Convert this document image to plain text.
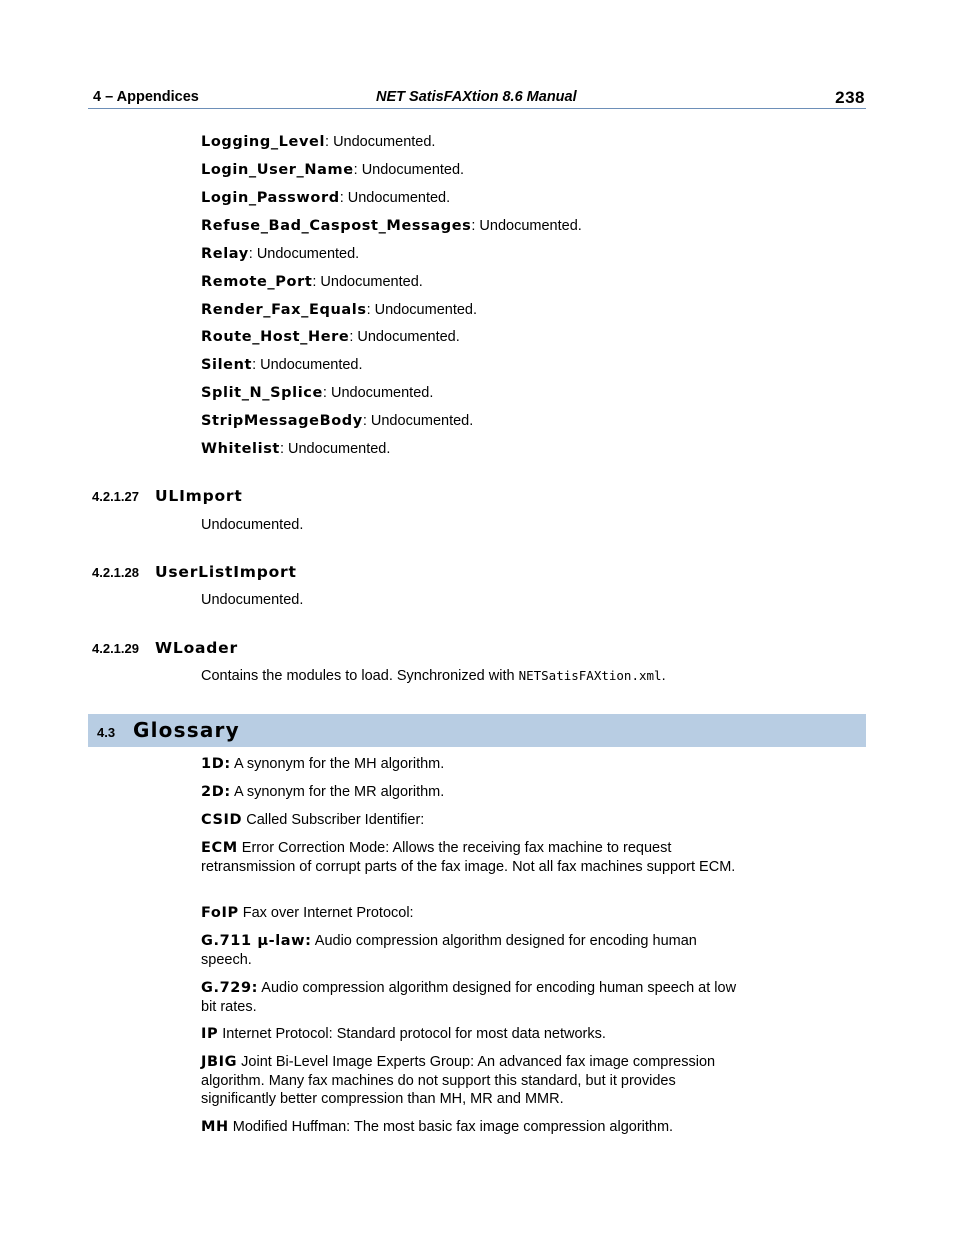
4 – Appendices	NET SatisFAXtion 8.6 Manual	238
Logging_Level: Undocumented.
Login_User_Name: Undocumented.
Login_Password: Undocumented.
Refuse_Bad_Caspost_Messages: Undocumented.
Relay: Undocumented.
Remote_Port: Undocumented.
Render_Fax_Equals: Undocumented.
Route_Host_Here: Undocumented.
Silent: Undocumented.
Split_N_Splice: Undocumented.
StripMessageBody: Undocumented.
Whitelist: Undocumented.
4.2.1.27 ULImport
Undocumented.
4.2.1.28 UserListImport
Undocumented.
4.2.1.29 WLoader
Contains the modules to load. Synchronized with NETSatisFAXtion.xml.
4.3 Glossary
1D: A synonym for the MH algorithm.
2D: A synonym for the MR algorithm.
CSID Called Subscriber Identifier:
ECM Error Correction Mode: Allows the receiving fax machine to request retransmission of corrupt parts of the fax image. Not all fax machines support ECM.
FoIP Fax over Internet Protocol:
G.711 µ-law: Audio compression algorithm designed for encoding human speech.
G.729: Audio compression algorithm designed for encoding human speech at low bit rates.
IP Internet Protocol: Standard protocol for most data networks.
JBIG Joint Bi-Level Image Experts Group: An advanced fax image compression algorithm. Many fax machines do not support this standard, but it provides significantly better compression than MH, MR and MMR.
MH Modified Huffman: The most basic fax image compression algorithm.
